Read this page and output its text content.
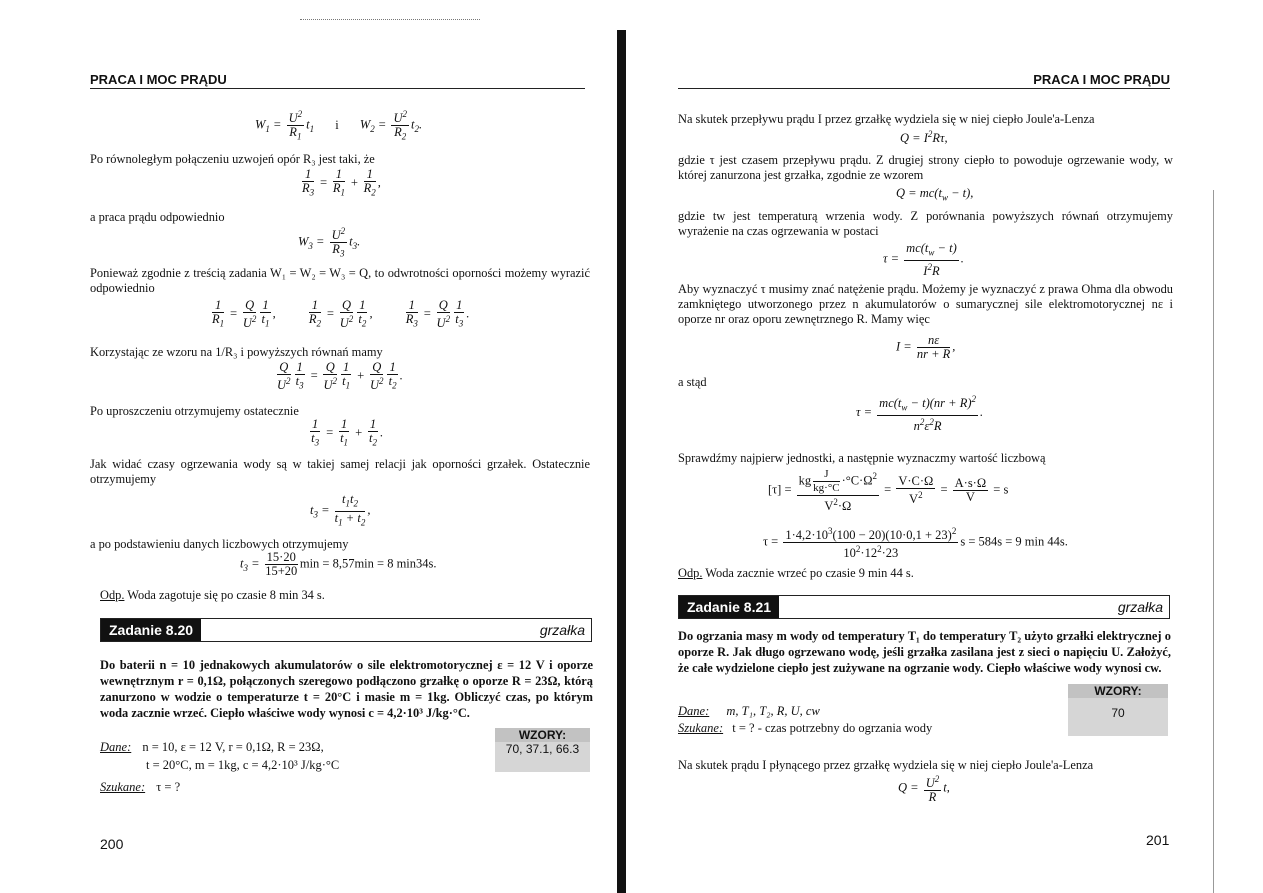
PRACA I MOC PRĄDU
$W_1 = \frac{U^2}{R_1} t_1$ i $W_2 = \frac{U^2}{R_2} t_2$.
Po równoległym połączeniu uzwojeń opór R₃ jest taki, że
$\frac{1}{R_3} = \frac{1}{R_1} + \frac{1}{R_2}$ ,
a praca prądu odpowiednio
$W_3 = \frac{U^2}{R_3} t_3$.
Ponieważ zgodnie z treścią zadania W₁ = W₂ = W₃ = Q, to odwrotności oporności możemy wyrazić odpowiednio
$\frac{1}{R_1} = \frac{Q}{U^2} \frac{1}{t_1}$ , $\frac{1}{R_2} = \frac{Q}{U^2} \frac{1}{t_2}$ , $\frac{1}{R_3} = \frac{Q}{U^2} \frac{1}{t_3}$ .
Korzystając ze wzoru na 1/R₃ i powyższych równań mamy
$\frac{Q}{U^2} \frac{1}{t_3} = \frac{Q}{U^2} \frac{1}{t_1} + \frac{Q}{U^2} \frac{1}{t_2}$ .
Po uproszczeniu otrzymujemy ostatecznie
$\frac{1}{t_3} = \frac{1}{t_1} + \frac{1}{t_2}$ .
Jak widać czasy ogrzewania wody są w takiej samej relacji jak oporności grzałek. Ostatecznie otrzymujemy
$t_3 = \frac{t_1t_2}{t_1 + t_2}$ ,
a po podstawieniu danych liczbowych otrzymujemy
$t_3 = \frac{15\cdot 20}{15+20}$ min = 8,57min = 8 min34s.
Odp. Woda zagotuje się po czasie 8 min 34 s.
Zadanie 8.20	grzałka
Do baterii n = 10 jednakowych akumulatorów o sile elektromotorycznej ε = 12 V i oporze wewnętrznym r = 0,1Ω, połączonych szeregowo podłączono grzałkę o oporze R = 23Ω, którą zanurzono w wodzie o temperaturze t = 20°C i masie m = 1kg. Obliczyć czas, po którym woda zacznie wrzeć. Ciepło właściwe wody wynosi c = 4,2·10³ J/kg·°C.
WZORY:
70, 37.1, 66.3
Dane: n = 10, ε = 12 V, r = 0,1Ω, R = 23Ω,
t = 20°C, m = 1kg, c = 4,2·10³ J/kg·°C
Szukane: τ = ?
200
PRACA I MOC PRĄDU
Na skutek przepływu prądu I przez grzałkę wydziela się w niej ciepło Joule'a-Lenza
$Q = I^2R\tau$,
gdzie τ jest czasem przepływu prądu. Z drugiej strony ciepło to powoduje ogrzewanie wody, w której zanurzona jest grzałka, zgodnie ze wzorem
$Q = mc(t_w - t)$,
gdzie tw jest temperaturą wrzenia wody. Z porównania powyższych równań otrzymujemy wyrażenie na czas ogrzewania w postaci
$\tau = \frac{mc(t_w - t)}{I^2R}$ .
Aby wyznaczyć τ musimy znać natężenie prądu. Możemy je wyznaczyć z prawa Ohma dla obwodu zamkniętego utworzonego przez n akumulatorów o sumarycznej sile elektromotorycznej nε i oporze nr oraz oporu zewnętrznego R. Mamy więc
$I = \frac{n\varepsilon}{nr + R}$ ,
a stąd
$\tau = \frac{mc(t_w - t)(nr + R)^2}{n^2\varepsilon^2R}$ .
Sprawdźmy najpierw jednostki, a następnie wyznaczmy wartość liczbową
$[\tau] = \frac{kg \frac{J}{kg\cdot^\circ C} \cdot^\circ C\cdot\Omega^2}{V^2\cdot\Omega} = \frac{V\cdot C\cdot\Omega}{V^2} = \frac{A\cdot s\cdot\Omega}{V} = s$
$\tau = \frac{1\cdot 4,2\cdot 10^3(100 - 20)(10\cdot 0,1 + 23)^2}{10^2\cdot 12^2\cdot 23}$ s = 584s = 9 min 44s.
Odp. Woda zacznie wrzeć po czasie 9 min 44 s.
Zadanie 8.21	grzałka
Do ogrzania masy m wody od temperatury T₁ do temperatury T₂ użyto grzałki elektrycznej o oporze R. Jak długo ogrzewano wodę, jeśli grzałka zasilana jest z sieci o napięciu U. Założyć, że całe wydzielone ciepło jest zużywane na ogrzanie wody. Ciepło właściwe wody wynosi cw.
WZORY:
70
Dane: m, T₁, T₂, R, U, cw
Szukane: t = ? - czas potrzebny do ogrzania wody
Na skutek prądu I płynącego przez grzałkę wydziela się w niej ciepło Joule'a-Lenza
$Q = \frac{U^2}{R} t$,
201
